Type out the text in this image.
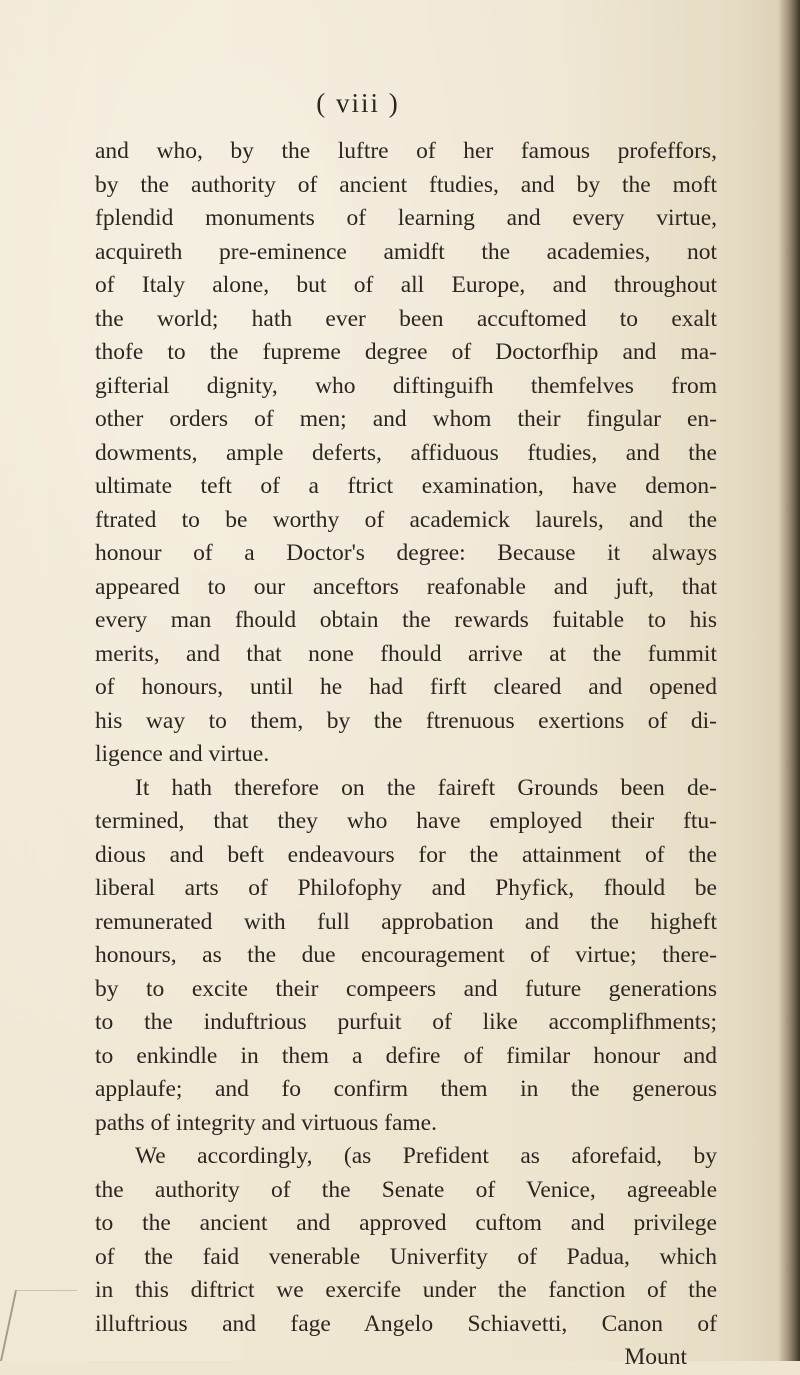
( viii )
and who, by the luftre of her famous profeffors,
by the authority of ancient ftudies, and by the moft
fplendid monuments of learning and every virtue,
acquireth pre-eminence amidft the academies, not
of Italy alone, but of all Europe, and throughout
the world; hath ever been accuftomed to exalt
thofe to the fupreme degree of Doctorfhip and ma-
gifterial dignity, who diftinguifh themfelves from
other orders of men; and whom their fingular en-
dowments, ample deferts, affiduous ftudies, and the
ultimate teft of a ftrict examination, have demon-
ftrated to be worthy of academick laurels, and the
honour of a Doctor's degree: Because it always
appeared to our anceftors reafonable and juft, that
every man fhould obtain the rewards fuitable to his
merits, and that none fhould arrive at the fummit
of honours, until he had firft cleared and opened
his way to them, by the ftrenuous exertions of di-
ligence and virtue.
It hath therefore on the faireft Grounds been de-
termined, that they who have employed their ftu-
dious and beft endeavours for the attainment of the
liberal arts of Philofophy and Phyfick, fhould be
remunerated with full approbation and the higheft
honours, as the due encouragement of virtue; there-
by to excite their compeers and future generations
to the induftrious purfuit of like accomplifhments;
to enkindle in them a defire of fimilar honour and
applaufe; and fo confirm them in the generous
paths of integrity and virtuous fame.
We accordingly, (as Prefident as aforefaid, by
the authority of the Senate of Venice, agreeable
to the ancient and approved cuftom and privilege
of the faid venerable Univerfity of Padua, which
in this diftrict we exercife under the fanction of the
illuftrious and fage Angelo Schiavetti, Canon of
Mount
